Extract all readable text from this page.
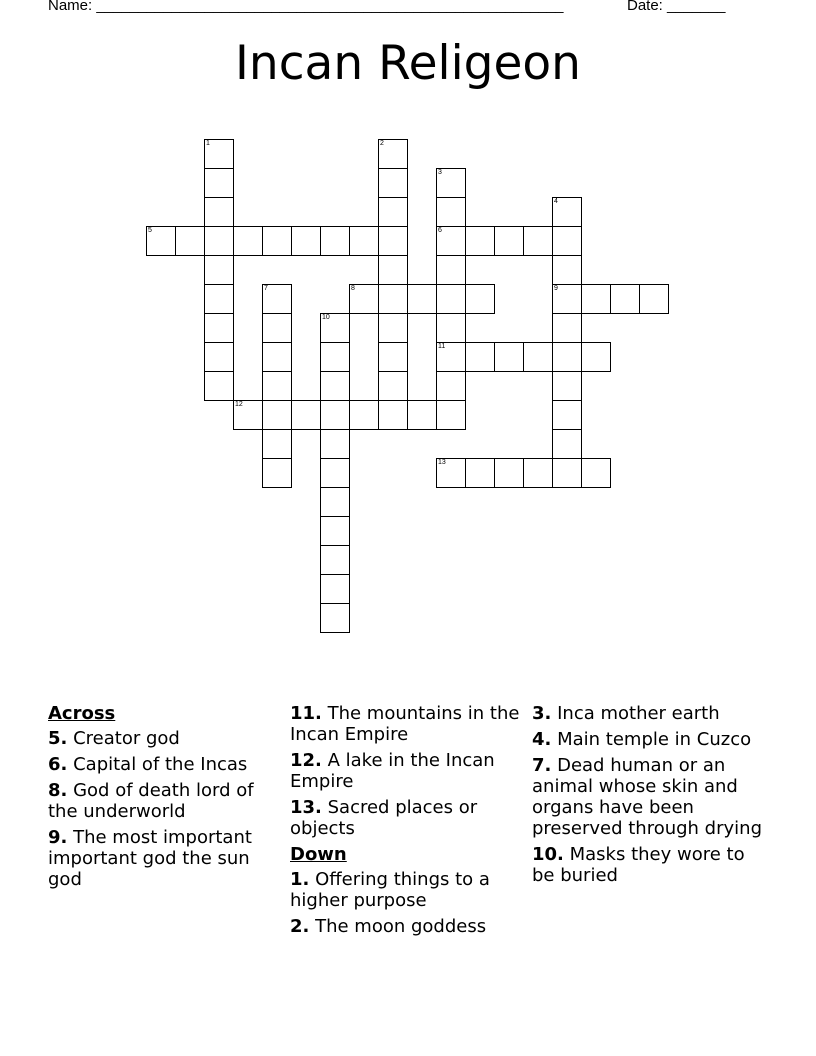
Name: ________________________________________________________	Date: _______
Incan Religeon
1	2
3
6
11
4
9
5
7	8
10
12
13
Across
5. Creator god
6. Capital of the Incas
8. God of death lord of the underworld
9. The most important important god the sun god
11. The mountains in the Incan Empire
12. A lake in the Incan Empire
13. Sacred places or objects
Down
1. Offering things to a higher purpose
2. The moon goddess
3. Inca mother earth
4. Main temple in Cuzco
7. Dead human or an animal whose skin and organs have been preserved through drying
10. Masks they wore to be buried
